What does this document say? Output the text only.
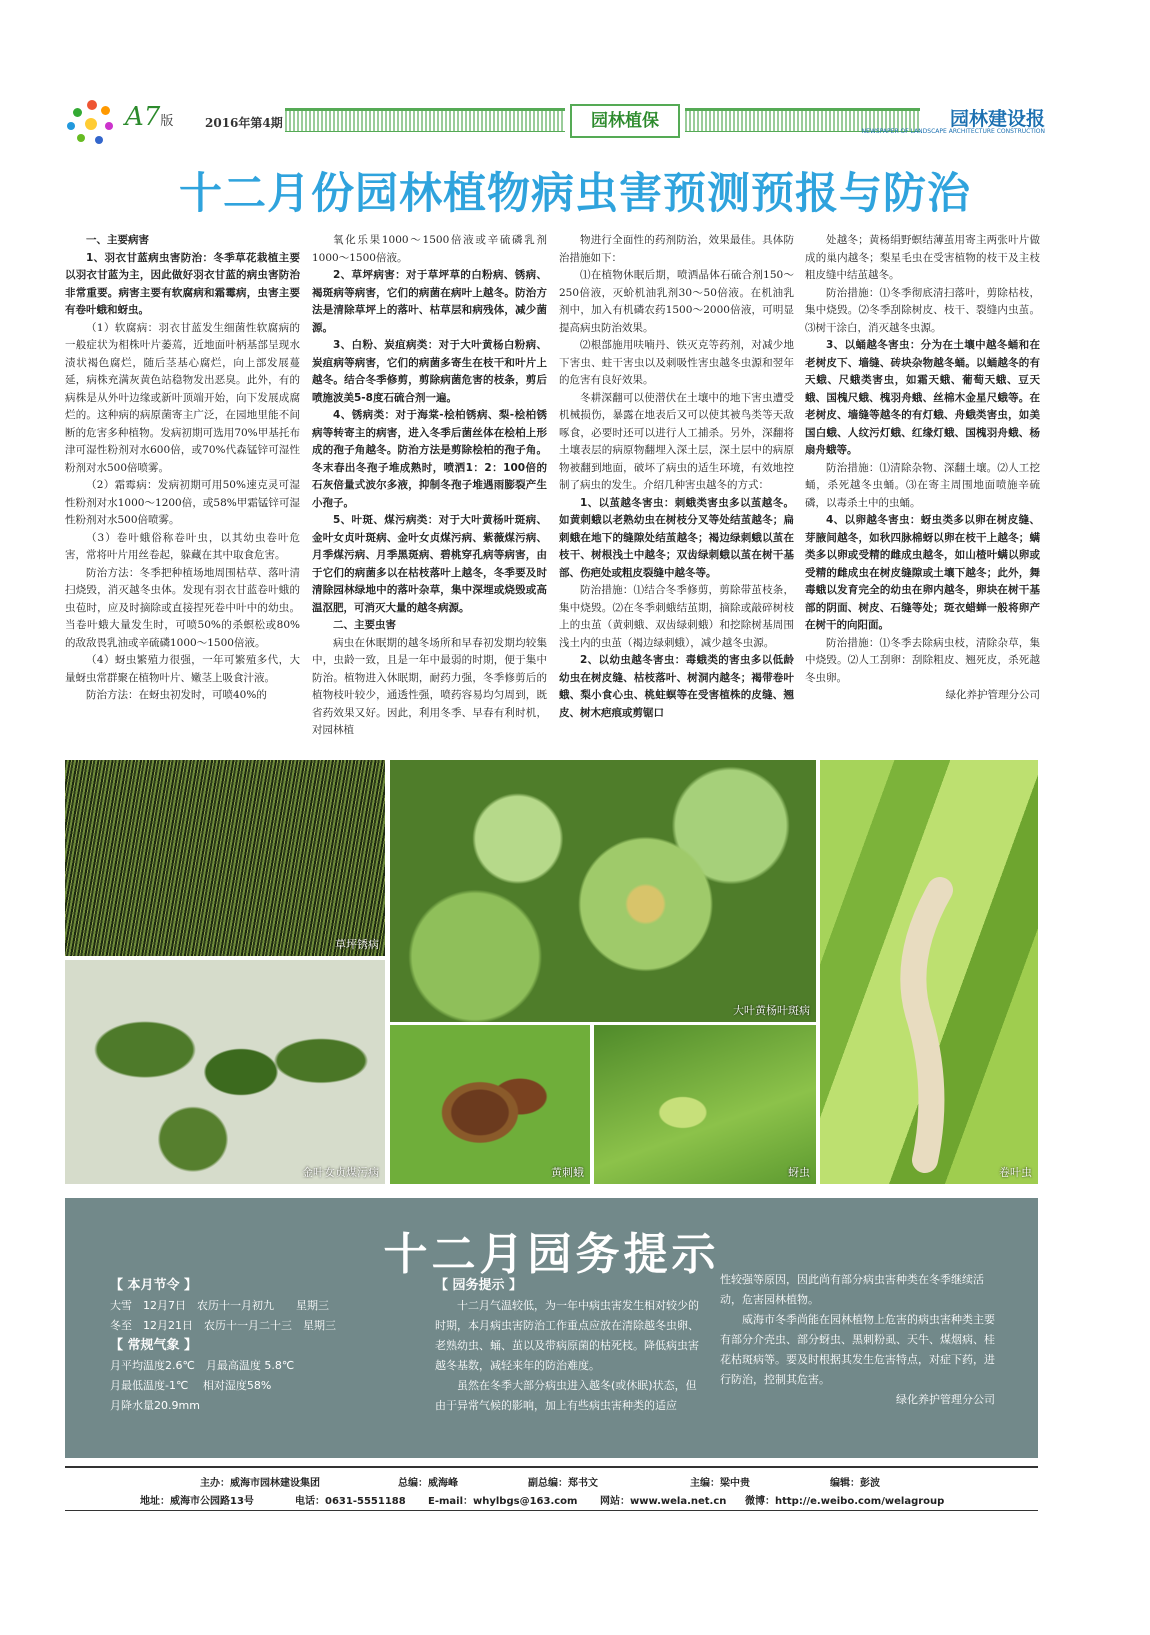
A7版	2016年第4期	园林植保	园林建设报
NEWSPAPER OF LANDSCAPE ARCHITECTURE CONSTRUCTION
十二月份园林植物病虫害预测预报与防治

一、主要病害

1、羽衣甘蓝病虫害防治：冬季草花栽植主要以羽衣甘蓝为主，因此做好羽衣甘蓝的病虫害防治非常重要。病害主要有软腐病和霜霉病，虫害主要有卷叶蛾和蚜虫。

（1）软腐病：羽衣甘蓝发生细菌性软腐病的一般症状为相株叶片萎蔫，近地面叶柄基部呈现水渍状褐色腐烂，随后茎基心腐烂，向上部发展蔓延，病株充满灰黄色站稳物发出恶臭。此外，有的病株是从外叶边缘或新叶顶端开始，向下发展成腐烂的。这种病的病原菌寄主广泛，在园地里能不间断的危害多种植物。发病初期可选用70%甲基托布津可湿性粉剂对水600倍，或70%代森锰锌可湿性粉剂对水500倍喷雾。

（2）霜霉病：发病初期可用50%速克灵可湿性粉剂对水1000～1200倍，或58%甲霜锰锌可湿性粉剂对水500倍喷雾。

（3）卷叶蛾俗称卷叶虫，以其幼虫卷叶危害，常将叶片用丝卷起，躲藏在其中取食危害。

防治方法：冬季把种植场地周围枯草、落叶清扫烧毁，消灭越冬虫体。发现有羽衣甘蓝卷叶蛾的虫苞时，应及时摘除或直接捏死卷中叶中的幼虫。当卷叶蛾大量发生时，可喷50%的杀螟松或80%的敌敌畏乳油或辛硫磷1000～1500倍液。

（4）蚜虫繁殖力很强，一年可繁殖多代，大量蚜虫常群聚在植物叶片、嫩茎上吸食汁液。

防治方法：在蚜虫初发时，可喷40%的

氧化乐果1000～1500倍液或辛硫磷乳剂1000～1500倍液。

2、草坪病害：对于草坪草的白粉病、锈病、褐斑病等病害，它们的病菌在病叶上越冬。防治方法是清除草坪上的落叶、枯草层和病残体，减少菌源。

3、白粉、炭疽病类：对于大叶黄杨白粉病、炭疽病等病害，它们的病菌多寄生在枝干和叶片上越冬。结合冬季修剪，剪除病菌危害的枝条，剪后喷施波美5-8度石硫合剂一遍。

4、锈病类：对于海棠-桧柏锈病、梨-桧柏锈病等转寄主的病害，进入冬季后菌丝体在桧柏上形成的孢子角越冬。防治方法是剪除桧柏的孢子角。冬末春出冬孢子堆成熟时，喷洒1：2：100倍的石灰倍量式波尔多液，抑制冬孢子堆遇雨膨裂产生小孢子。

5、叶斑、煤污病类：对于大叶黄杨叶斑病、金叶女贞叶斑病、金叶女贞煤污病、紫薇煤污病、月季煤污病、月季黑斑病、碧桃穿孔病等病害，由于它们的病菌多以在枯枝落叶上越冬，冬季要及时清除园林绿地中的落叶杂草，集中深埋或烧毁或高温沤肥，可消灭大量的越冬病源。

二、主要虫害

病虫在休眠期的越冬场所和早春初发期均较集中，虫龄一致，且是一年中最弱的时期，便于集中防治。植物进入休眠期，耐药力强，冬季修剪后的植物枝叶较少，通透性强，喷药容易均匀周到，既省药效果又好。因此，利用冬季、早春有利时机，对园林植

物进行全面性的药剂防治，效果最佳。具体防治措施如下：

⑴在植物休眠后期，喷洒晶体石硫合剂150～250倍液，灭蚧机油乳剂30～50倍液。在机油乳剂中，加入有机磷农药1500～2000倍液，可明显提高病虫防治效果。

⑵根部施用呋喃丹、铁灭克等药剂，对减少地下害虫、蛀干害虫以及刺吸性害虫越冬虫源和翌年的危害有良好效果。

冬耕深翻可以使潜伏在土壤中的地下害虫遭受机械损伤，暴露在地表后又可以使其被鸟类等天敌啄食，必要时还可以进行人工捕杀。另外，深翻将土壤表层的病原物翻埋入深土层，深土层中的病原物被翻到地面，破坏了病虫的适生环境，有效地控制了病虫的发生。介绍几种害虫越冬的方式：

1、以茧越冬害虫：刺蛾类害虫多以茧越冬。如黄刺蛾以老熟幼虫在树枝分叉等处结茧越冬；扁刺蛾在地下的缝隙处结茧越冬；褐边绿刺蛾以茧在枝干、树根浅土中越冬；双齿绿刺蛾以茧在树干基部、伤疤处或粗皮裂缝中越冬等。

防治措施：⑴结合冬季修剪，剪除带茧枝条，集中烧毁。⑵在冬季刺蛾结茧期，摘除或敲碎树枝上的虫茧（黄刺蛾、双齿绿刺蛾）和挖除树基周围浅土内的虫茧（褐边绿刺蛾），减少越冬虫源。

2、以幼虫越冬害虫：毒蛾类的害虫多以低龄幼虫在树皮缝、枯枝落叶、树洞内越冬；褐带卷叶蛾、梨小食心虫、桃蛀螟等在受害植株的皮缝、翘皮、树木疤痕或剪锯口

处越冬；黄杨绢野螟结薄茧用寄主两张叶片做成的巢内越冬；梨星毛虫在受害植物的枝干及主枝粗皮缝中结茧越冬。

防治措施：⑴冬季彻底清扫落叶，剪除枯枝，集中烧毁。⑵冬季刮除树皮、枝干、裂缝内虫茧。⑶树干涂白，消灭越冬虫源。

3、以蛹越冬害虫：分为在土壤中越冬蛹和在老树皮下、墙缝、砖块杂物越冬蛹。以蛹越冬的有天蛾、尺蛾类害虫，如霜天蛾、葡萄天蛾、豆天蛾、国槐尺蛾、槐羽舟蛾、丝棉木金星尺蛾等。在老树皮、墙缝等越冬的有灯蛾、舟蛾类害虫，如美国白蛾、人纹污灯蛾、红缘灯蛾、国槐羽舟蛾、杨扇舟蛾等。

防治措施：⑴清除杂物、深翻土壤。⑵人工挖蛹，杀死越冬虫蛹。⑶在寄主周围地面喷施辛硫磷，以毒杀土中的虫蛹。

4、以卵越冬害虫：蚜虫类多以卵在树皮缝、芽腋间越冬，如秋四脉棉蚜以卵在枝干上越冬；螨类多以卵或受精的雌成虫越冬，如山楂叶螨以卵或受精的雌成虫在树皮缝隙或土壤下越冬；此外，舞毒蛾以发育完全的幼虫在卵内越冬，卵块在树干基部的阴面、树皮、石缝等处；斑衣蜡蝉一般将卵产在树干的向阳面。

防治措施：⑴冬季去除病虫枝，清除杂草，集中烧毁。⑵人工刮卵：刮除粗皮、翘死皮，杀死越冬虫卵。

绿化养护管理分公司

草坪锈病
大叶黄杨叶斑病
卷叶虫
金叶女贞煤污病	黄刺蛾	蚜虫
十二月园务提示
【 本月节令 】
大雪　12月7日　农历十一月初九　　星期三
冬至　12月21日　农历十一月二十三　星期三
【 常规气象 】
月平均温度2.6℃　月最高温度 5.8℃
月最低温度-1℃　 相对湿度58%
月降水量20.9mm
【 园务提示 】

十二月气温较低，为一年中病虫害发生相对较少的时期，本月病虫害防治工作重点应放在清除越冬虫卵、老熟幼虫、蛹、茧以及带病原菌的枯死枝。降低病虫害越冬基数，减轻来年的防治难度。

虽然在冬季大部分病虫进入越冬(或休眠)状态，但由于异常气候的影响，加上有些病虫害种类的适应

性较强等原因，因此尚有部分病虫害种类在冬季继续活动，危害园林植物。

威海市冬季尚能在园林植物上危害的病虫害种类主要有部分介壳虫、部分蚜虫、黑刺粉虱、天牛、煤烟病、桂花枯斑病等。要及时根据其发生危害特点，对症下药，进行防治，控制其危害。

绿化养护管理分公司
主办：威海市园林建设集团	总编：威海峰	副总编：郑书文	主编：梁中贵	编辑：彭波
地址：威海市公园路13号	电话：0631-5551188 E-mail：whylbgs@163.com 网站：www.wela.net.cn 微博：http://e.weibo.com/welagroup
